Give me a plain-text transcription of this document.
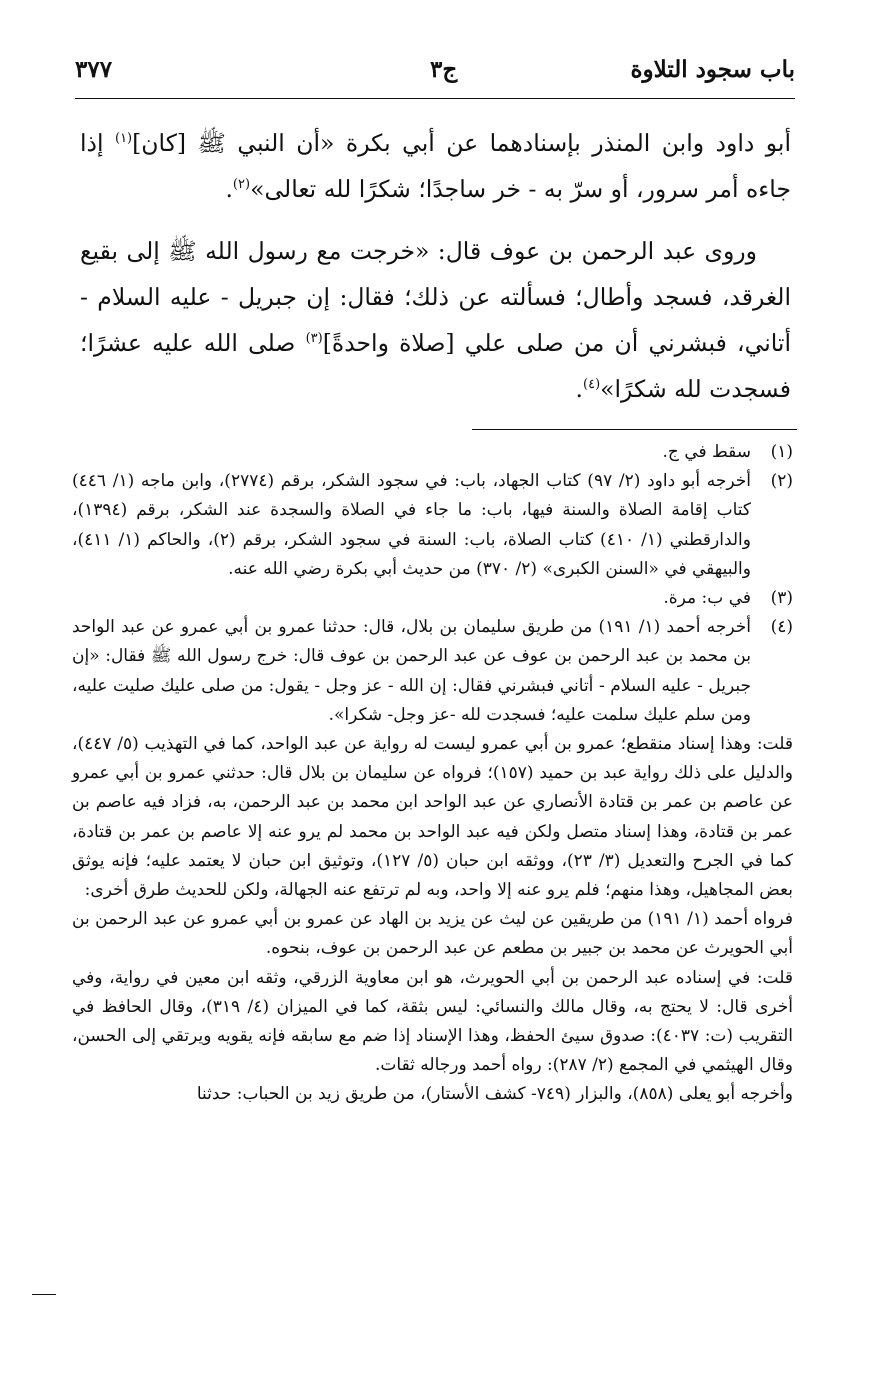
باب سجود التلاوة
ج٣
٣٧٧

أبو داود وابن المنذر بإسنادهما عن أبي بكرة «أن النبي ﷺ [كان]$^{(١)}$ إذا جاءه أمر سرور، أو سرّ به - خر ساجدًا؛ شكرًا لله تعالى»$^{(٢)}$.

وروى عبد الرحمن بن عوف قال: «خرجت مع رسول الله ﷺ إلى بقيع الغرقد، فسجد وأطال؛ فسألته عن ذلك؛ فقال: إن جبريل - عليه السلام - أتاني، فبشرني أن من صلى علي [صلاة واحدةً]$^{(٣)}$ صلى الله عليه عشرًا؛ فسجدت لله شكرًا»$^{(٤)}$.

(١)
سقط في ج.
(٢)
أخرجه أبو داود (٢/ ٩٧) كتاب الجهاد، باب: في سجود الشكر، برقم (٢٧٧٤)، وابن ماجه (١/ ٤٤٦) كتاب إقامة الصلاة والسنة فيها، باب: ما جاء في الصلاة والسجدة عند الشكر، برقم (١٣٩٤)، والدارقطني (١/ ٤١٠) كتاب الصلاة، باب: السنة في سجود الشكر، برقم (٢)، والحاكم (١/ ٤١١)، والبيهقي في «السنن الكبرى» (٢/ ٣٧٠) من حديث أبي بكرة رضي الله عنه.
(٣)
في ب: مرة.
(٤)
أخرجه أحمد (١/ ١٩١) من طريق سليمان بن بلال، قال: حدثنا عمرو بن أبي عمرو عن عبد الواحد بن محمد بن عبد الرحمن بن عوف عن عبد الرحمن بن عوف قال: خرج رسول الله ﷺ فقال: «إن جبريل - عليه السلام - أتاني فبشرني فقال: إن الله - عز وجل - يقول: من صلى عليك صليت عليه، ومن سلم عليك سلمت عليه؛ فسجدت لله -عز وجل- شكرا».

قلت: وهذا إسناد منقطع؛ عمرو بن أبي عمرو ليست له رواية عن عبد الواحد، كما في التهذيب (٥/ ٤٤٧)، والدليل على ذلك رواية عبد بن حميد (١٥٧)؛ فرواه عن سليمان بن بلال قال: حدثني عمرو بن أبي عمرو عن عاصم بن عمر بن قتادة الأنصاري عن عبد الواحد ابن محمد بن عبد الرحمن، به، فزاد فيه عاصم بن عمر بن قتادة، وهذا إسناد متصل ولكن فيه عبد الواحد بن محمد لم يرو عنه إلا عاصم بن عمر بن قتادة، كما في الجرح والتعديل (٣/ ٢٣)، ووثقه ابن حبان (٥/ ١٢٧)، وتوثيق ابن حبان لا يعتمد عليه؛ فإنه يوثق بعض المجاهيل، وهذا منهم؛ فلم يرو عنه إلا واحد، وبه لم ترتفع عنه الجهالة، ولكن للحديث طرق أخرى:

فرواه أحمد (١/ ١٩١) من طريقين عن ليث عن يزيد بن الهاد عن عمرو بن أبي عمرو عن عبد الرحمن بن أبي الحويرث عن محمد بن جبير بن مطعم عن عبد الرحمن بن عوف، بنحوه.

قلت: في إسناده عبد الرحمن بن أبي الحويرث، هو ابن معاوية الزرقي، وثقه ابن معين في رواية، وفي أخرى قال: لا يحتج به، وقال مالك والنسائي: ليس بثقة، كما في الميزان (٤/ ٣١٩)، وقال الحافظ في التقريب (ت: ٤٠٣٧): صدوق سيئ الحفظ، وهذا الإسناد إذا ضم مع سابقه فإنه يقويه ويرتقي إلى الحسن، وقال الهيثمي في المجمع (٢/ ٢٨٧): رواه أحمد ورجاله ثقات.

وأخرجه أبو يعلى (٨٥٨)، والبزار (٧٤٩- كشف الأستار)، من طريق زيد بن الحباب: حدثنا
